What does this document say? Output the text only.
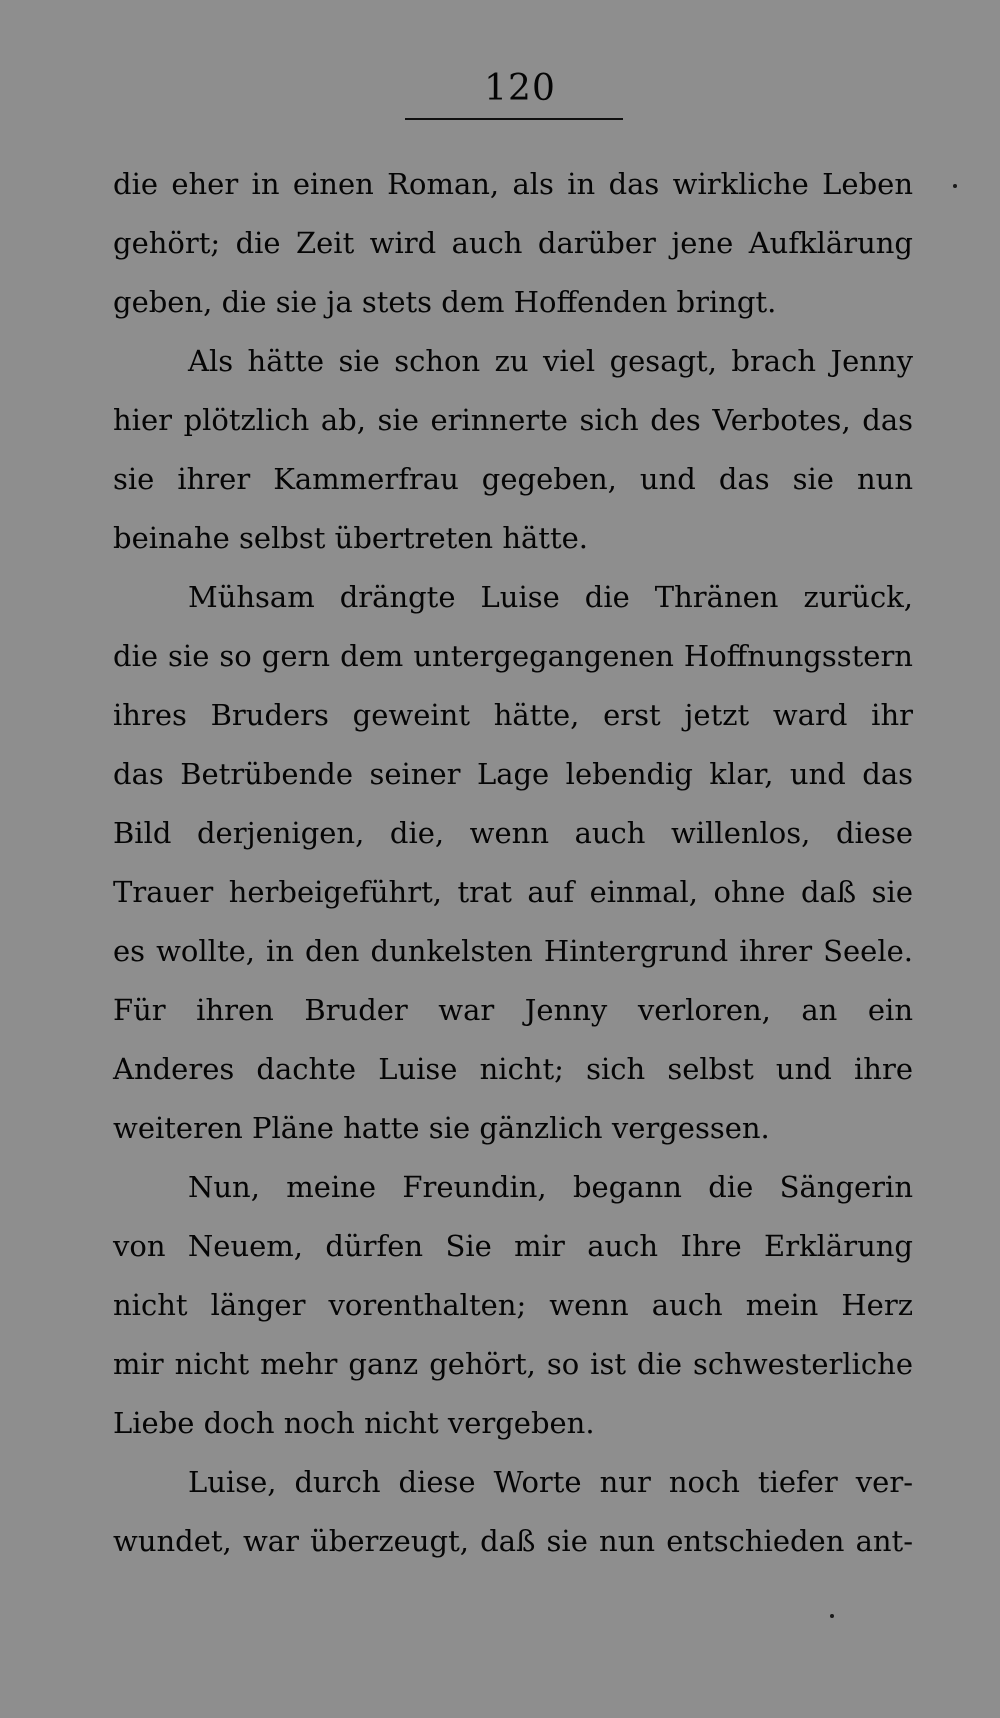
120
die eher in einen Roman, als in das wirkliche Leben
gehört; die Zeit wird auch darüber jene Aufklärung
geben, die sie ja stets dem Hoffenden bringt.
Als hätte sie schon zu viel gesagt, brach Jenny
hier plötzlich ab, sie erinnerte sich des Verbotes, das
sie ihrer Kammerfrau gegeben, und das sie nun
beinahe selbst übertreten hätte.
Mühsam drängte Luise die Thränen zurück,
die sie so gern dem untergegangenen Hoffnungsstern
ihres Bruders geweint hätte, erst jetzt ward ihr
das Betrübende seiner Lage lebendig klar, und das
Bild derjenigen, die, wenn auch willenlos, diese
Trauer herbeigeführt, trat auf einmal, ohne daß sie
es wollte, in den dunkelsten Hintergrund ihrer Seele.
Für ihren Bruder war Jenny verloren, an ein
Anderes dachte Luise nicht; sich selbst und ihre
weiteren Pläne hatte sie gänzlich vergessen.
Nun, meine Freundin, begann die Sängerin
von Neuem, dürfen Sie mir auch Ihre Erklärung
nicht länger vorenthalten; wenn auch mein Herz
mir nicht mehr ganz gehört, so ist die schwesterliche
Liebe doch noch nicht vergeben.
Luise, durch diese Worte nur noch tiefer ver-
wundet, war überzeugt, daß sie nun entschieden ant-
